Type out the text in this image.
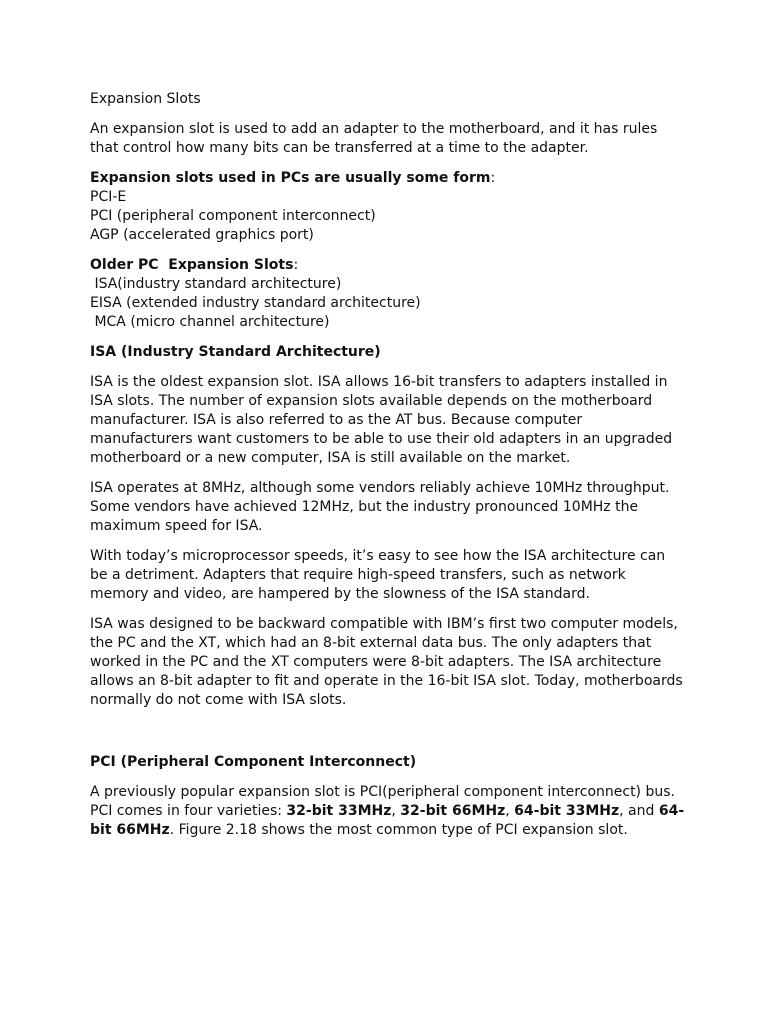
Expansion Slots

An expansion slot is used to add an adapter to the motherboard, and it has rules
that control how many bits can be transferred at a time to the adapter.

Expansion slots used in PCs are usually some form:
PCI-E
PCI (peripheral component interconnect)
AGP (accelerated graphics port)
Older PC  Expansion Slots:
ISA(industry standard architecture)
EISA (extended industry standard architecture)
MCA (micro channel architecture)

ISA (Industry Standard Architecture)

ISA is the oldest expansion slot. ISA allows 16-bit transfers to adapters installed in
ISA slots. The number of expansion slots available depends on the motherboard
manufacturer. ISA is also referred to as the AT bus. Because computer
manufacturers want customers to be able to use their old adapters in an upgraded
motherboard or a new computer, ISA is still available on the market.

ISA operates at 8MHz, although some vendors reliably achieve 10MHz throughput.
Some vendors have achieved 12MHz, but the industry pronounced 10MHz the
maximum speed for ISA.

With today’s microprocessor speeds, it’s easy to see how the ISA architecture can
be a detriment. Adapters that require high-speed transfers, such as network
memory and video, are hampered by the slowness of the ISA standard.

ISA was designed to be backward compatible with IBM’s first two computer models,
the PC and the XT, which had an 8-bit external data bus. The only adapters that
worked in the PC and the XT computers were 8-bit adapters. The ISA architecture
allows an 8-bit adapter to fit and operate in the 16-bit ISA slot. Today, motherboards
normally do not come with ISA slots.

PCI (Peripheral Component Interconnect)

A previously popular expansion slot is PCI(peripheral component interconnect) bus.
PCI comes in four varieties: 32-bit 33MHz, 32-bit 66MHz, 64-bit 33MHz, and 64-
bit 66MHz. Figure 2.18 shows the most common type of PCI expansion slot.
